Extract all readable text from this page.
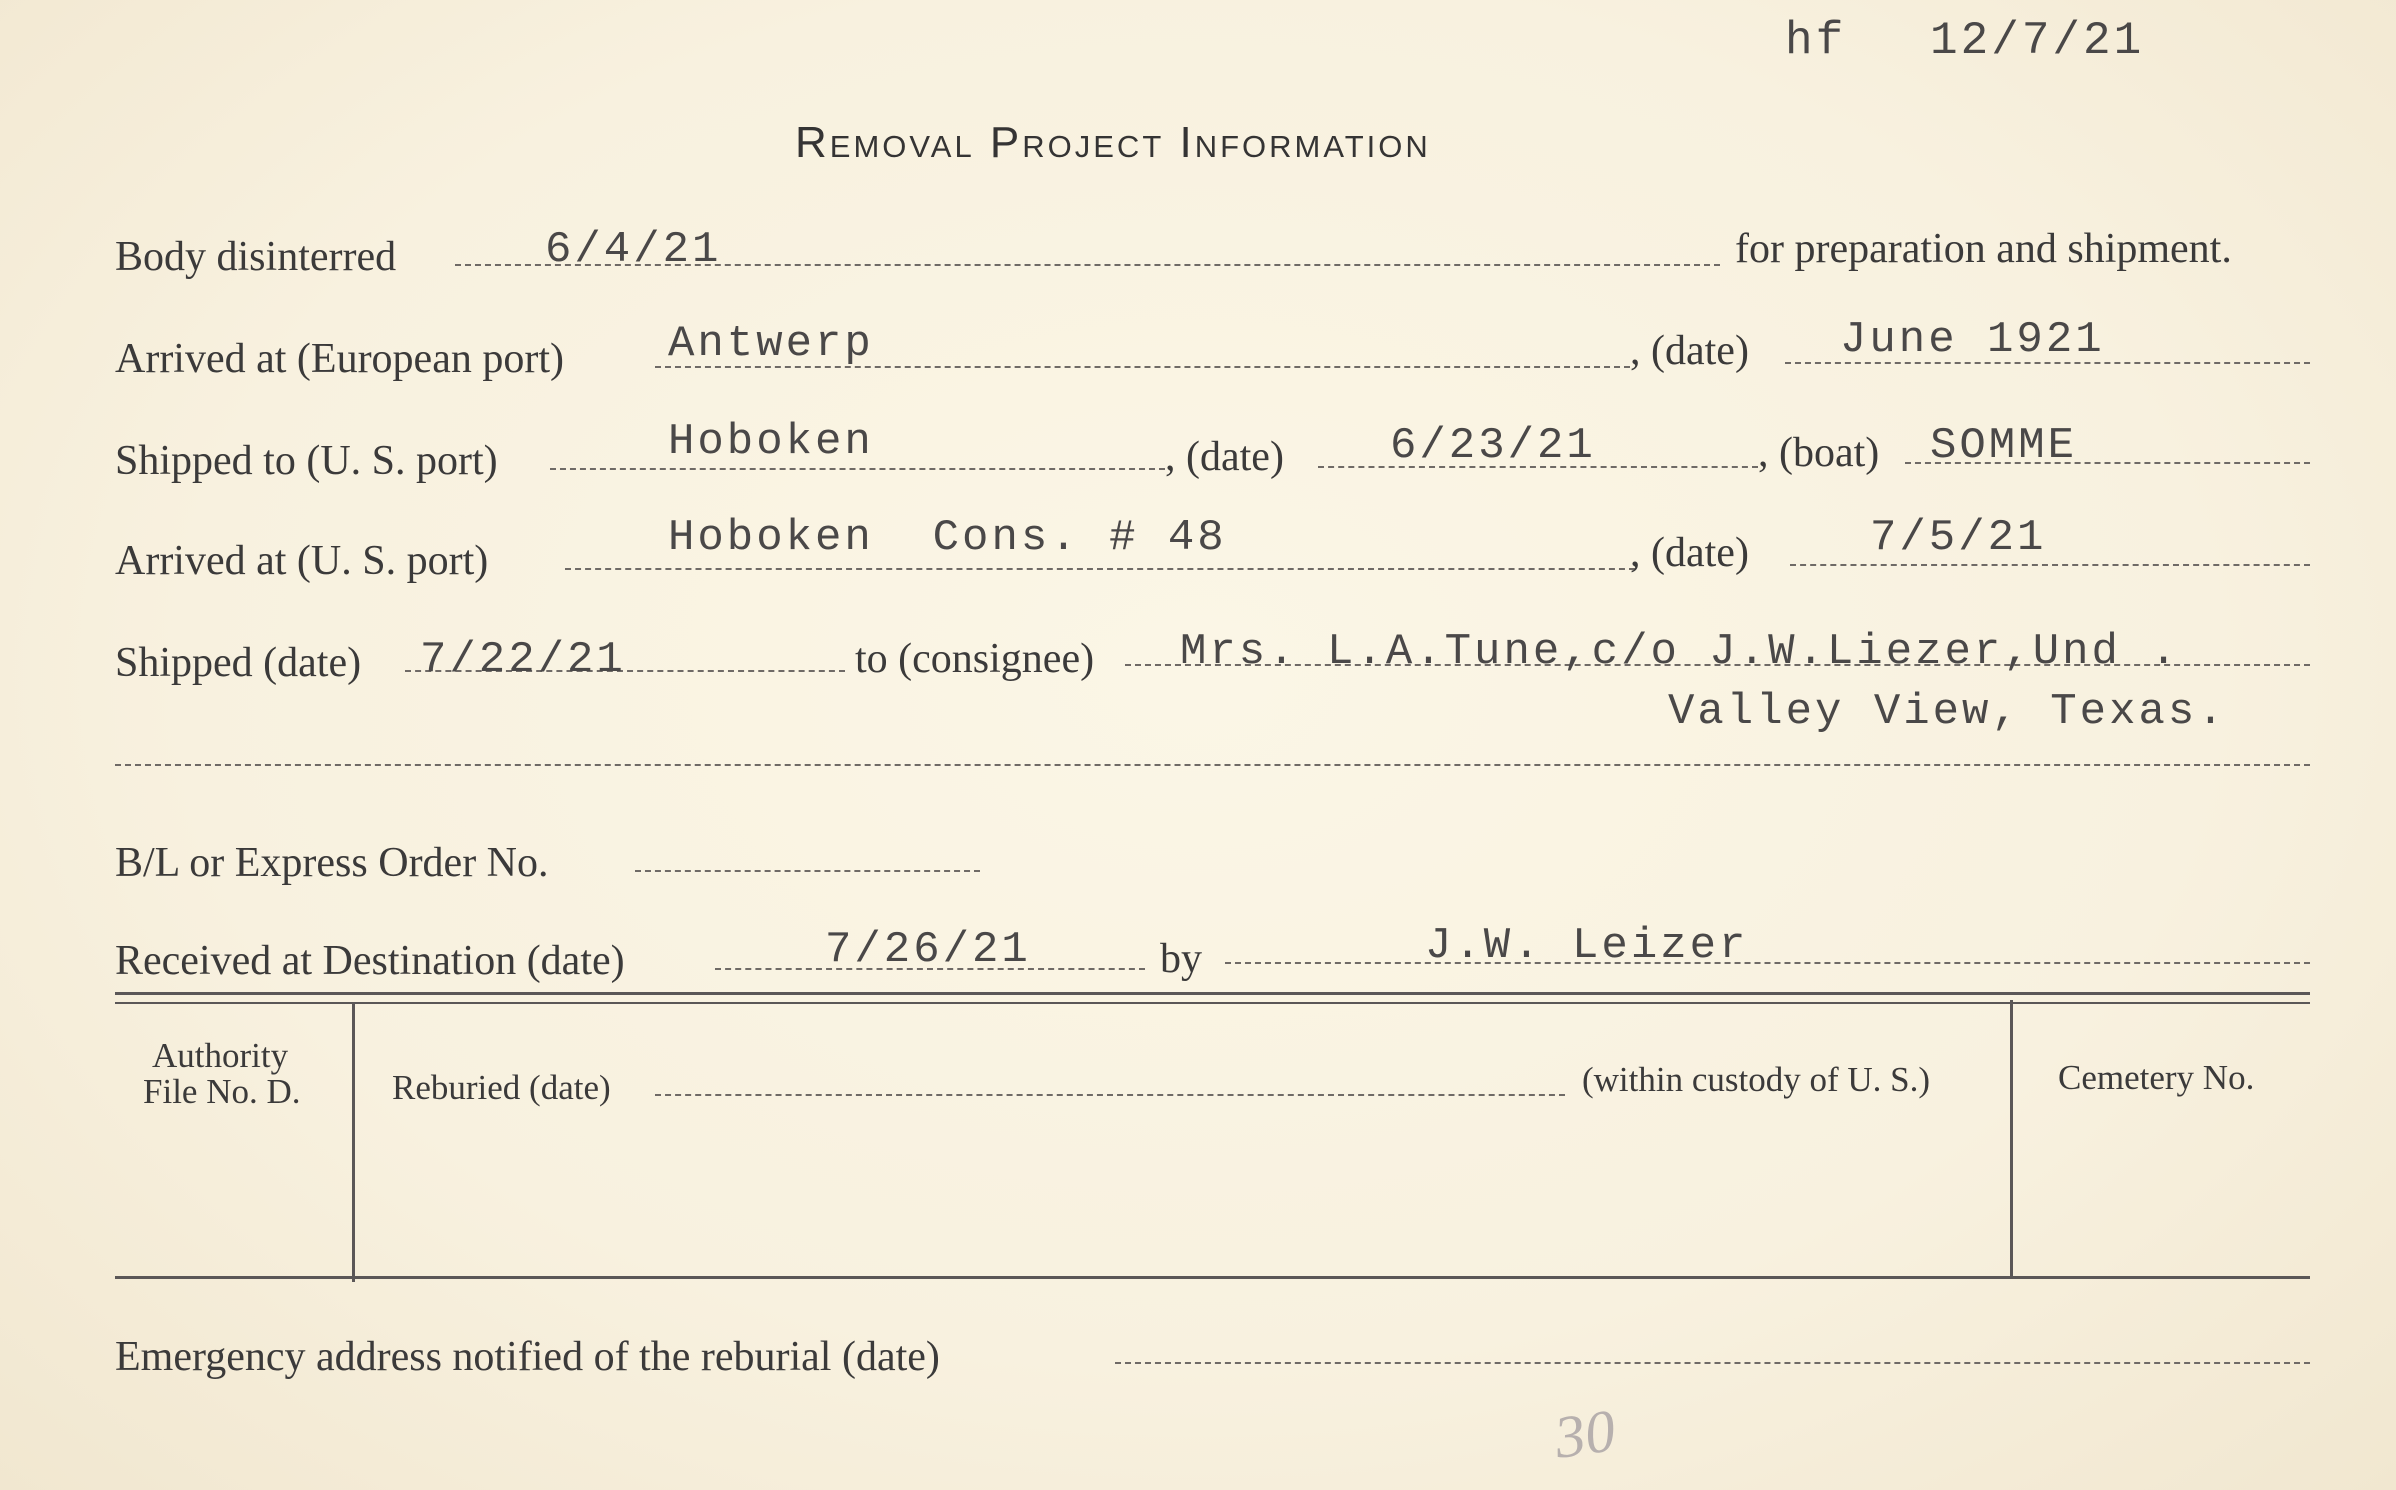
hf 12/7/21
Removal Project Information
Body disinterred	6/4/21	for preparation and shipment.
Arrived at (European port) Antwerp	, (date) June 1921
Shipped to (U. S. port)	Hoboken	, (date) 6/23/21	, (boat) SOMME
Arrived at (U. S. port)	Hoboken  Cons. # 48	, (date)	7/5/21
Shipped (date) 7/22/21	to (consignee) Mrs. L.A.Tune,c/o J.W.Liezer,Und .
Valley View, Texas.
B/L or Express Order No.
Received at Destination (date)	7/26/21	by	J.W. Leizer
Authority
File No. D.	Reburied (date)	(within custody of U. S.)	Cemetery No.
Emergency address notified of the reburial (date)
30
